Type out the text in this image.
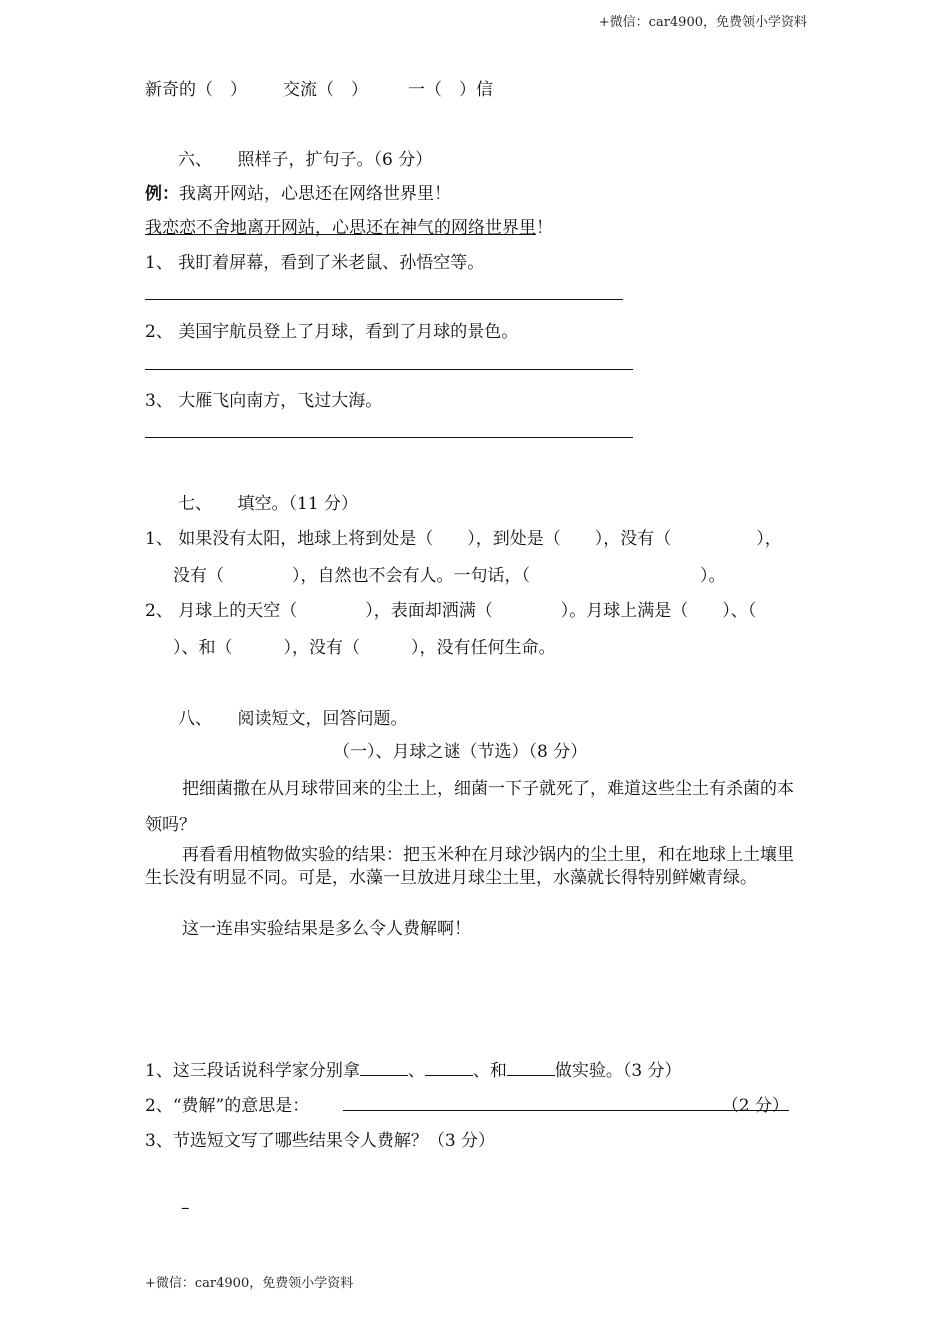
+微信：car4900，免费领小学资料
新奇的（　） 交流（　） 一（　）信
六、　　照样子，扩句子。（6 分）
例：我离开网站，心思还在网络世界里！
我恋恋不舍地离开网站，心思还在神气的网络世界里！
1、 我盯着屏幕，看到了米老鼠、孙悟空等。
2、 美国宇航员登上了月球，看到了月球的景色。
3、 大雁飞向南方，飞过大海。
七、　　填空。（11 分）
1、 如果没有太阳，地球上将到处是（　　），到处是（　　），没有（　　　　　），
没有（　　　　），自然也不会有人。一句话，（　　　　　　　　　　）。
2、 月球上的天空（　　　　），表面却洒满（　　　　）。月球上满是（　　）、（
）、和（　　　），没有（　　　），没有任何生命。
八、　　阅读短文，回答问题。
（一）、月球之谜（节选）（8 分）
把细菌撒在从月球带回来的尘土上，细菌一下子就死了，难道这些尘土有杀菌的本领吗？
再看看用植物做实验的结果：把玉米种在月球沙锅内的尘土里，和在地球上土壤里生长没有明显不同。可是，水藻一旦放进月球尘土里，水藻就长得特别鲜嫩青绿。
这一连串实验结果是多么令人费解啊！
1、这三段话说科学家分别拿	、	、和	做实验。（3 分）
2、“费解”的意思是：	（2 分）
3、节选短文写了哪些结果令人费解？（3 分）
–
+微信：car4900，免费领小学资料
